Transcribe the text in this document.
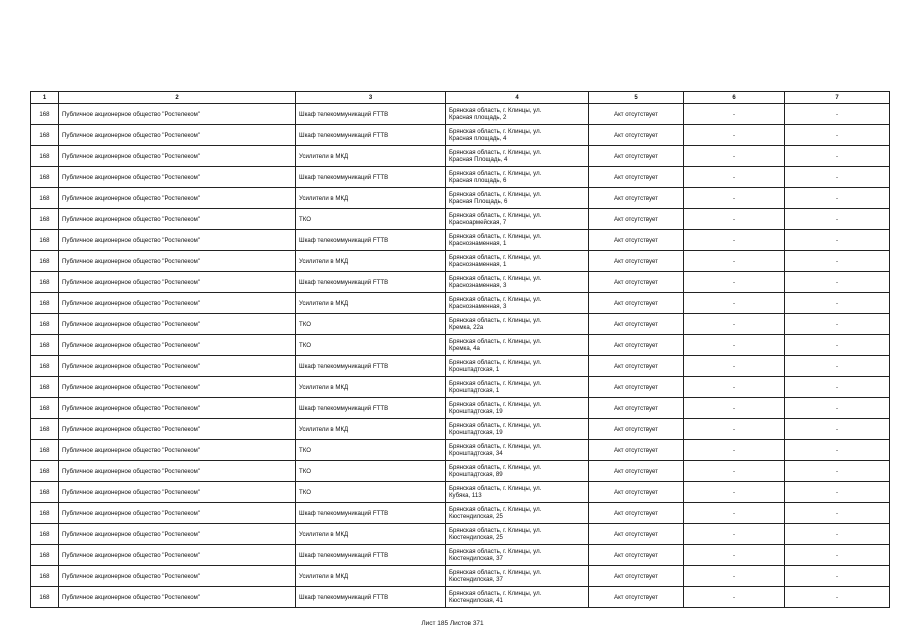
1	2	3	4	5	6	7
168	Публичное акционерное общество "Ростелеком"	Шкаф телекоммуникаций FTTB	Брянская область, г. Клинцы, ул.
Красная площадь, 2	Акт отсутствует	-	-
168	Публичное акционерное общество "Ростелеком"	Шкаф телекоммуникаций FTTB	Брянская область, г. Клинцы, ул.
Красная площадь, 4	Акт отсутствует	-	-
168	Публичное акционерное общество "Ростелеком"	Усилители в МКД	Брянская область, г. Клинцы, ул.
Красная Площадь, 4	Акт отсутствует	-	-
168	Публичное акционерное общество "Ростелеком"	Шкаф телекоммуникаций FTTB	Брянская область, г. Клинцы, ул.
Красная площадь, 6	Акт отсутствует	-	-
168	Публичное акционерное общество "Ростелеком"	Усилители в МКД	Брянская область, г. Клинцы, ул.
Красная Площадь, 6	Акт отсутствует	-	-
168	Публичное акционерное общество "Ростелеком"	ТКО	Брянская область, г. Клинцы, ул.
Красноармейская, 7	Акт отсутствует	-	-
168	Публичное акционерное общество "Ростелеком"	Шкаф телекоммуникаций FTTB	Брянская область, г. Клинцы, ул.
Краснознаменная, 1	Акт отсутствует	-	-
168	Публичное акционерное общество "Ростелеком"	Усилители в МКД	Брянская область, г. Клинцы, ул.
Краснознаменная, 1	Акт отсутствует	-	-
168	Публичное акционерное общество "Ростелеком"	Шкаф телекоммуникаций FTTB	Брянская область, г. Клинцы, ул.
Краснознаменная, 3	Акт отсутствует	-	-
168	Публичное акционерное общество "Ростелеком"	Усилители в МКД	Брянская область, г. Клинцы, ул.
Краснознаменная, 3	Акт отсутствует	-	-
168	Публичное акционерное общество "Ростелеком"	ТКО	Брянская область, г. Клинцы, ул.
Кремка, 22а	Акт отсутствует	-	-
168	Публичное акционерное общество "Ростелеком"	ТКО	Брянская область, г. Клинцы, ул.
Кремка, 4а	Акт отсутствует	-	-
168	Публичное акционерное общество "Ростелеком"	Шкаф телекоммуникаций FTTB	Брянская область, г. Клинцы, ул.
Кронштадтская, 1	Акт отсутствует	-	-
168	Публичное акционерное общество "Ростелеком"	Усилители в МКД	Брянская область, г. Клинцы, ул.
Кронштадтская, 1	Акт отсутствует	-	-
168	Публичное акционерное общество "Ростелеком"	Шкаф телекоммуникаций FTTB	Брянская область, г. Клинцы, ул.
Кронштадтская, 19	Акт отсутствует	-	-
168	Публичное акционерное общество "Ростелеком"	Усилители в МКД	Брянская область, г. Клинцы, ул.
Кронштадтская, 19	Акт отсутствует	-	-
168	Публичное акционерное общество "Ростелеком"	ТКО	Брянская область, г. Клинцы, ул.
Кронштадтская, 34	Акт отсутствует	-	-
168	Публичное акционерное общество "Ростелеком"	ТКО	Брянская область, г. Клинцы, ул.
Кронштадтская, 89	Акт отсутствует	-	-
168	Публичное акционерное общество "Ростелеком"	ТКО	Брянская область, г. Клинцы, ул.
Кубяка, 113	Акт отсутствует	-	-
168	Публичное акционерное общество "Ростелеком"	Шкаф телекоммуникаций FTTB	Брянская область, г. Клинцы, ул.
Кюстендилская, 25	Акт отсутствует	-	-
168	Публичное акционерное общество "Ростелеком"	Усилители в МКД	Брянская область, г. Клинцы, ул.
Кюстендилская, 25	Акт отсутствует	-	-
168	Публичное акционерное общество "Ростелеком"	Шкаф телекоммуникаций FTTB	Брянская область, г. Клинцы, ул.
Кюстендилская, 37	Акт отсутствует	-	-
168	Публичное акционерное общество "Ростелеком"	Усилители в МКД	Брянская область, г. Клинцы, ул.
Кюстендилская, 37	Акт отсутствует	-	-
168	Публичное акционерное общество "Ростелеком"	Шкаф телекоммуникаций FTTB	Брянская область, г. Клинцы, ул.
Кюстендилская, 41	Акт отсутствует	-	-
Лист 185 Листов 371
